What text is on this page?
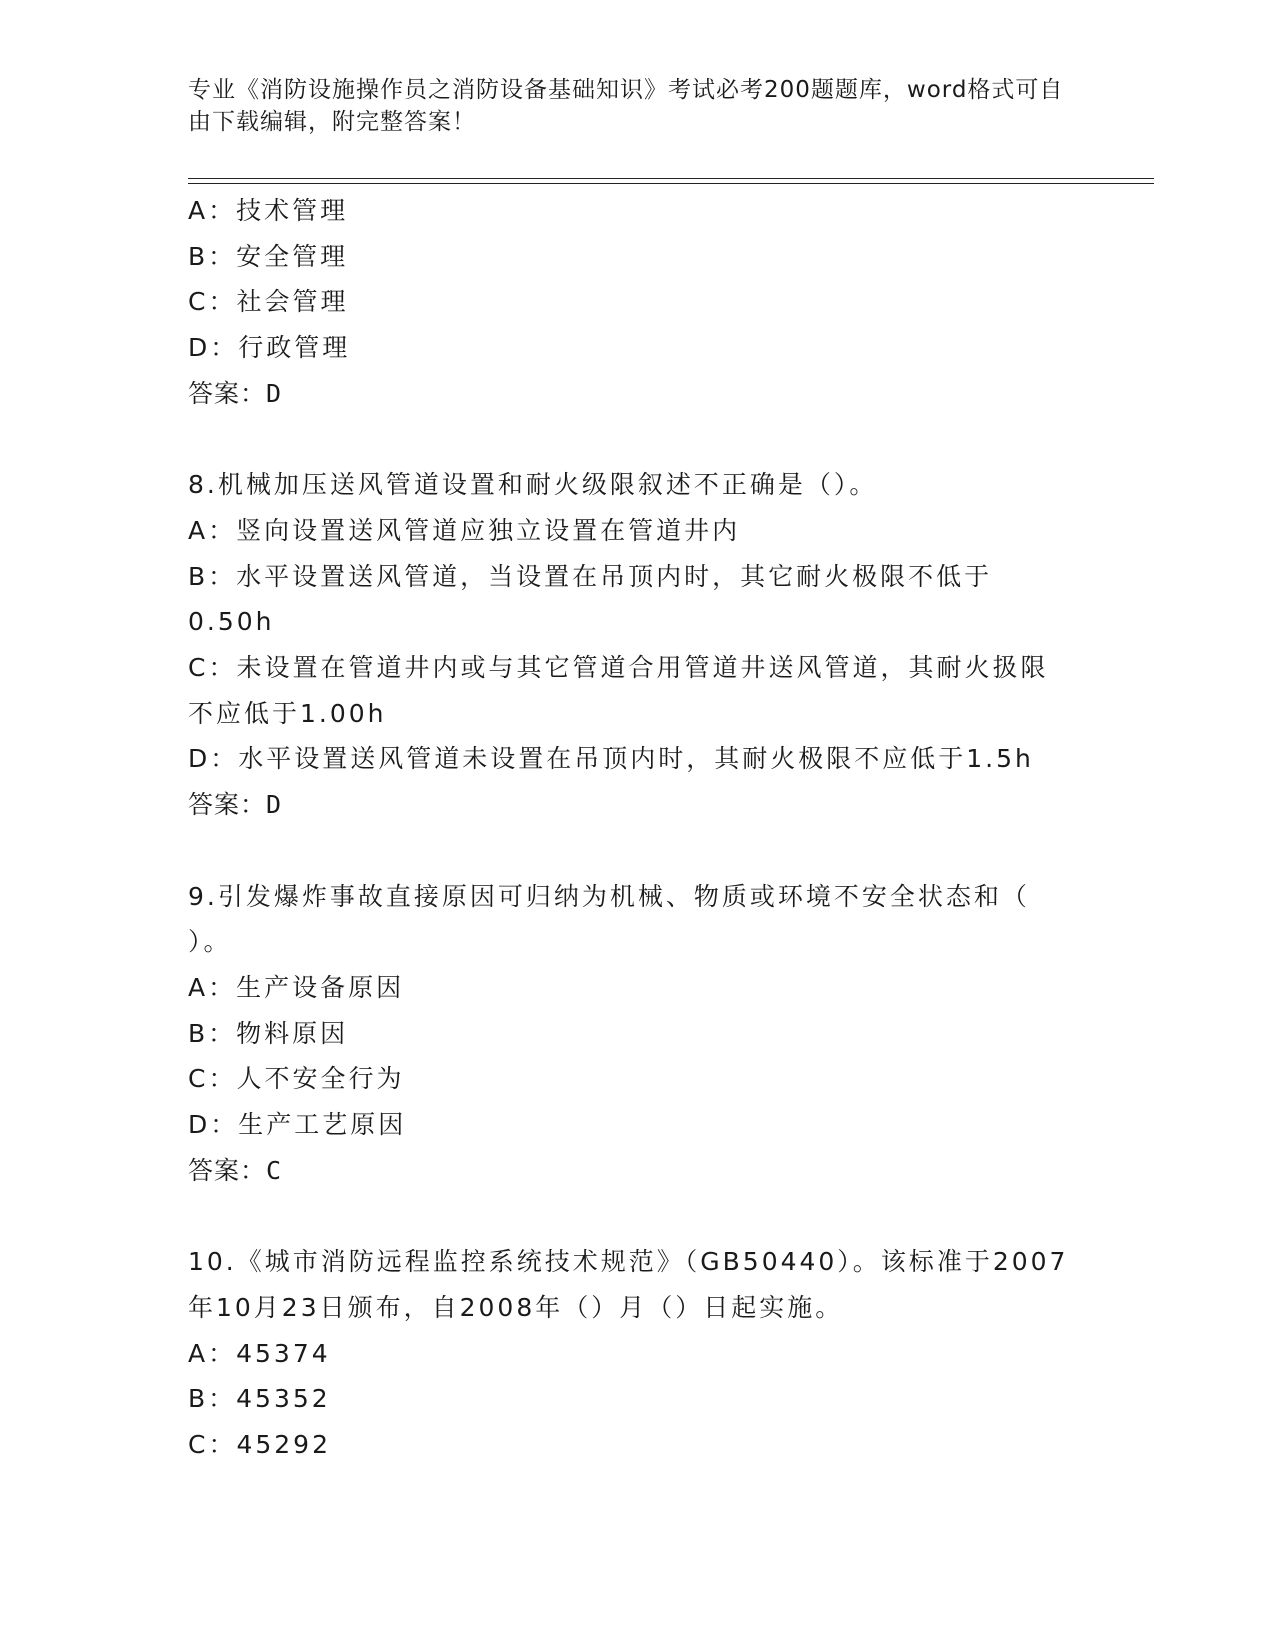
专业《消防设施操作员之消防设备基础知识》考试必考200题题库，word格式可自由下载编辑，附完整答案！
A：技术管理
B：安全管理
C：社会管理
D：行政管理
答案：D
8.机械加压送风管道设置和耐火级限叙述不正确是（）。
A：竖向设置送风管道应独立设置在管道井内
B：水平设置送风管道，当设置在吊顶内时，其它耐火极限不低于
0.50h
C：未设置在管道井内或与其它管道合用管道井送风管道，其耐火扱限
不应低于1.00h
D：水平设置送风管道未设置在吊顶内时，其耐火极限不应低于1.5h
答案：D
9.引发爆炸事故直接原因可归纳为机械、物质或环境不安全状态和（
）。
A：生产设备原因
B：物料原因
C：人不安全行为
D：生产工艺原因
答案：C
10.《城市消防远程监控系统技术规范》（GB50440）。该标准于2007
年10月23日颁布，自2008年（）月（）日起实施。
A：45374
B：45352
C：45292
